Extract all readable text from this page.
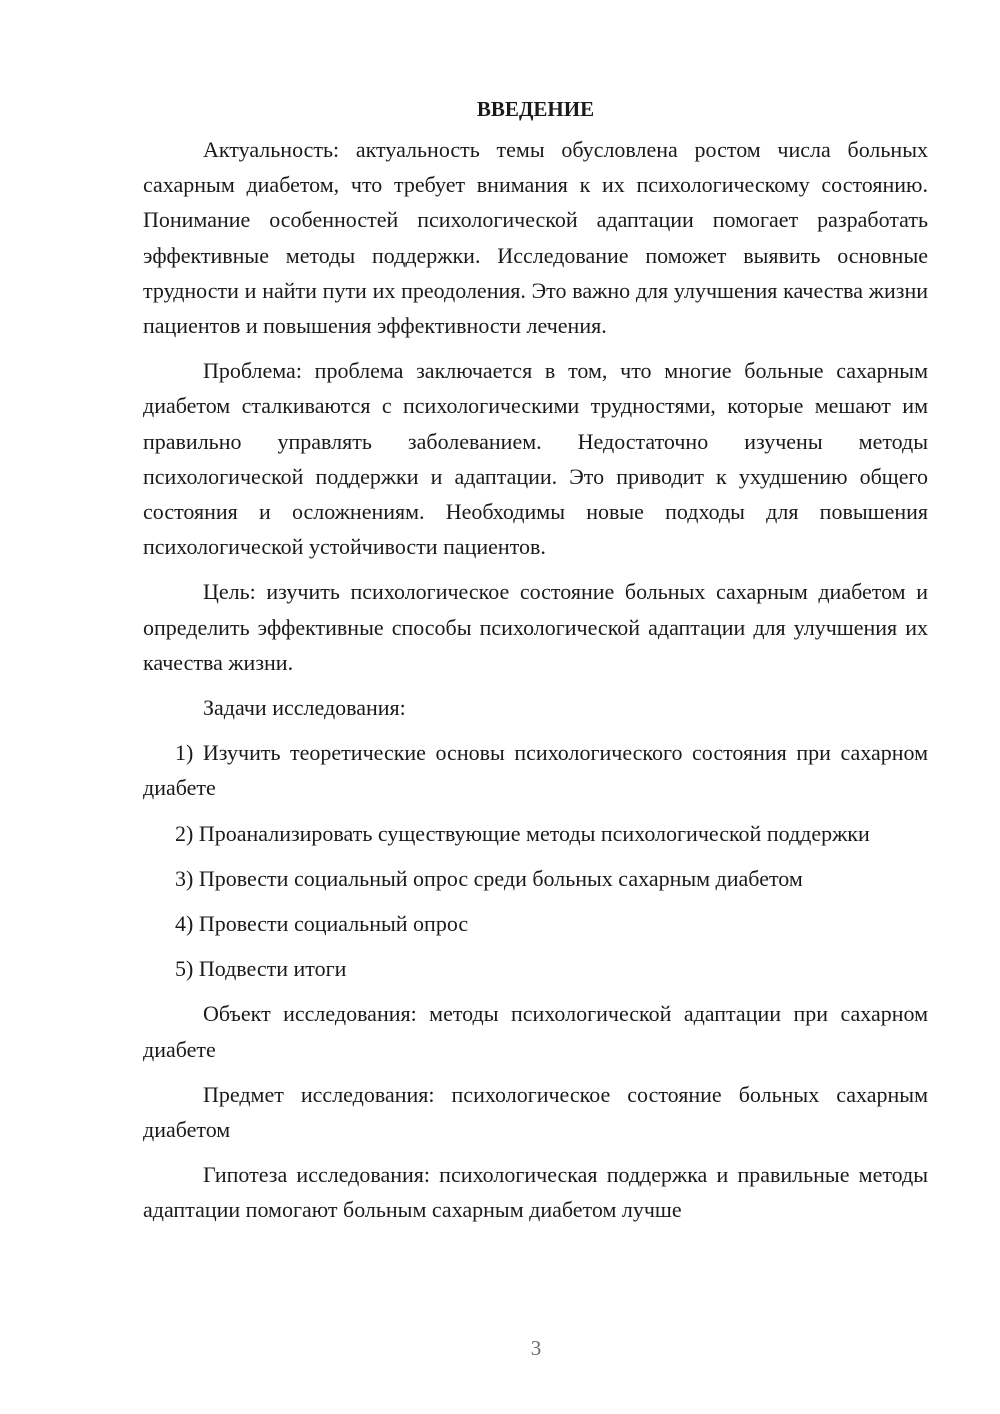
ВВЕДЕНИЕ

Актуальность: актуальность темы обусловлена ростом числа больных сахарным диабетом, что требует внимания к их психологическому состоянию. Понимание особенностей психологической адаптации помогает разработать эффективные методы поддержки. Исследование поможет выявить основные трудности и найти пути их преодоления. Это важно для улучшения качества жизни пациентов и повышения эффективности лечения.

Проблема: проблема заключается в том, что многие больные сахарным диабетом сталкиваются с психологическими трудностями, которые мешают им правильно управлять заболеванием. Недостаточно изучены методы психологической поддержки и адаптации. Это приводит к ухудшению общего состояния и осложнениям. Необходимы новые подходы для повышения психологической устойчивости пациентов.

Цель: изучить психологическое состояние больных сахарным диабетом и определить эффективные способы психологической адаптации для улучшения их качества жизни.

Задачи исследования:

1) Изучить теоретические основы психологического состояния при сахарном диабете

2) Проанализировать существующие методы психологической поддержки

3) Провести социальный опрос среди больных сахарным диабетом

4) Провести социальный опрос

5) Подвести итоги

Объект исследования: методы психологической адаптации при сахарном диабете

Предмет исследования: психологическое состояние больных сахарным диабетом

Гипотеза исследования: психологическая поддержка и правильные методы адаптации помогают больным сахарным диабетом лучше

3
